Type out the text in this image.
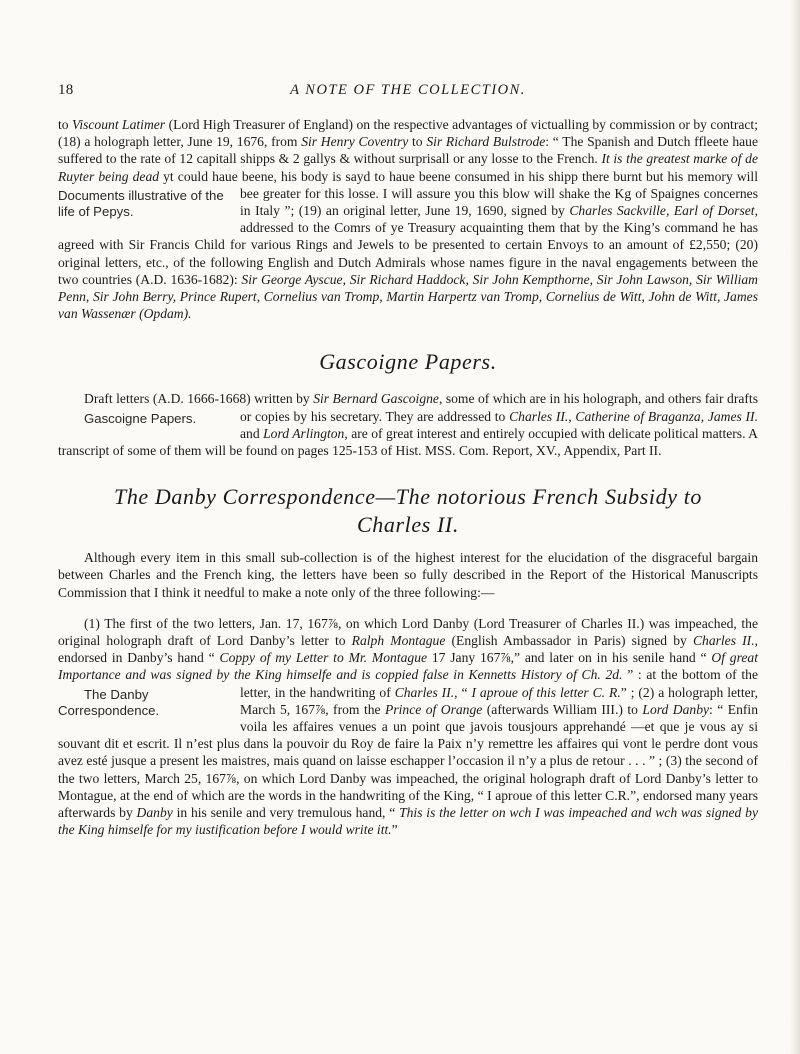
18	A NOTE OF THE COLLECTION.

to Viscount Latimer (Lord High Treasurer of England) on the respective advantages of victualling by commission or by contract; (18) a holograph letter, June 19, 1676, from Sir Henry Coventry to Sir Richard Bulstrode: “ The Spanish and Dutch ffleete haue suffered to the rate of 12 capitall shipps & 2 gallys & without surprisall or any losse to the French. It is the greatest marke of de Ruyter being dead yt could haue beene, his body is sayd to haue beene consumed in his shipp there burnt but his memory
Documents illustrative of the life of Pepys.
will bee greater for this losse. I will assure you this blow will shake the Kg of Spaignes concernes in Italy ”; (19) an original letter, June 19, 1690, signed by Charles Sackville, Earl of Dorset, addressed to the Comrs of ye Treasury acquainting them that by the King’s command he has agreed with Sir Francis Child for various Rings and Jewels to be presented to certain Envoys to an amount of £2,550; (20) original letters, etc., of the following English and Dutch Admirals whose names figure in the naval engagements between the two countries (A.D. 1636-1682): Sir George Ayscue, Sir Richard Haddock, Sir John Kempthorne, Sir John Lawson, Sir William Penn, Sir John Berry, Prince Rupert, Cornelius van Tromp, Martin Harpertz van Tromp, Cornelius de Witt, John de Witt, James van Wassenær (Opdam).

Gascoigne Papers.

Draft letters (A.D. 1666-1668) written by Sir Bernard Gascoigne, some of which are in his holograph, and others fair drafts or copies by his secretary. They are addressed to
Gascoigne Papers.	Charles II., Catherine of Braganza, James II. and Lord Arlington, are of great interest and entirely occupied with delicate political matters. A transcript of some of them will be found on pages 125-153 of Hist. MSS. Com. Report, XV., Appendix, Part II.

The Danby Correspondence—The notorious French Subsidy to
Charles II.

Although every item in this small sub-collection is of the highest interest for the elucidation of the disgraceful bargain between Charles and the French king, the letters have been so fully described in the Report of the Historical Manuscripts Commission that I think it needful to make a note only of the three following:—

(1) The first of the two letters, Jan. 17, 167⅞, on which Lord Danby (Lord Treasurer of Charles II.) was impeached, the original holograph draft of Lord Danby’s letter to Ralph Montague (English Ambassador in Paris) signed by Charles II., endorsed in Danby’s hand “ Coppy of my Letter to Mr. Montague 17 Jany 167⅞,” and later on in his senile hand “ Of great Importance and was signed by the King himselfe and is coppied false in Kennetts History of Ch. 2d. ” : at the bottom of the letter, in the handwriting of
The Danby Correspondence.
Charles II., “ I aproue of this letter C. R.” ; (2) a holograph letter, March 5, 167⅞, from the Prince of Orange (afterwards William III.) to Lord Danby: “ Enfin voila les affaires venues a un point que javois tousjours apprehandé —et que je vous ay si souvant dit et escrit. Il n’est plus dans la pouvoir du Roy de faire la Paix n’y remettre les affaires qui vont le perdre dont vous avez esté jusque a present les maistres, mais quand on laisse eschapper l’occasion il n’y a plus de retour . . . ” ; (3) the second of the two letters, March 25, 167⅞, on which Lord Danby was impeached, the original holograph draft of Lord Danby’s letter to Montague, at the end of which are the words in the handwriting of the King, “ I aproue of this letter C.R.”, endorsed many years afterwards by Danby in his senile and very tremulous hand, “ This is the letter on wch I was impeached and wch was signed by the King himselfe for my iustification before I would write itt.”
